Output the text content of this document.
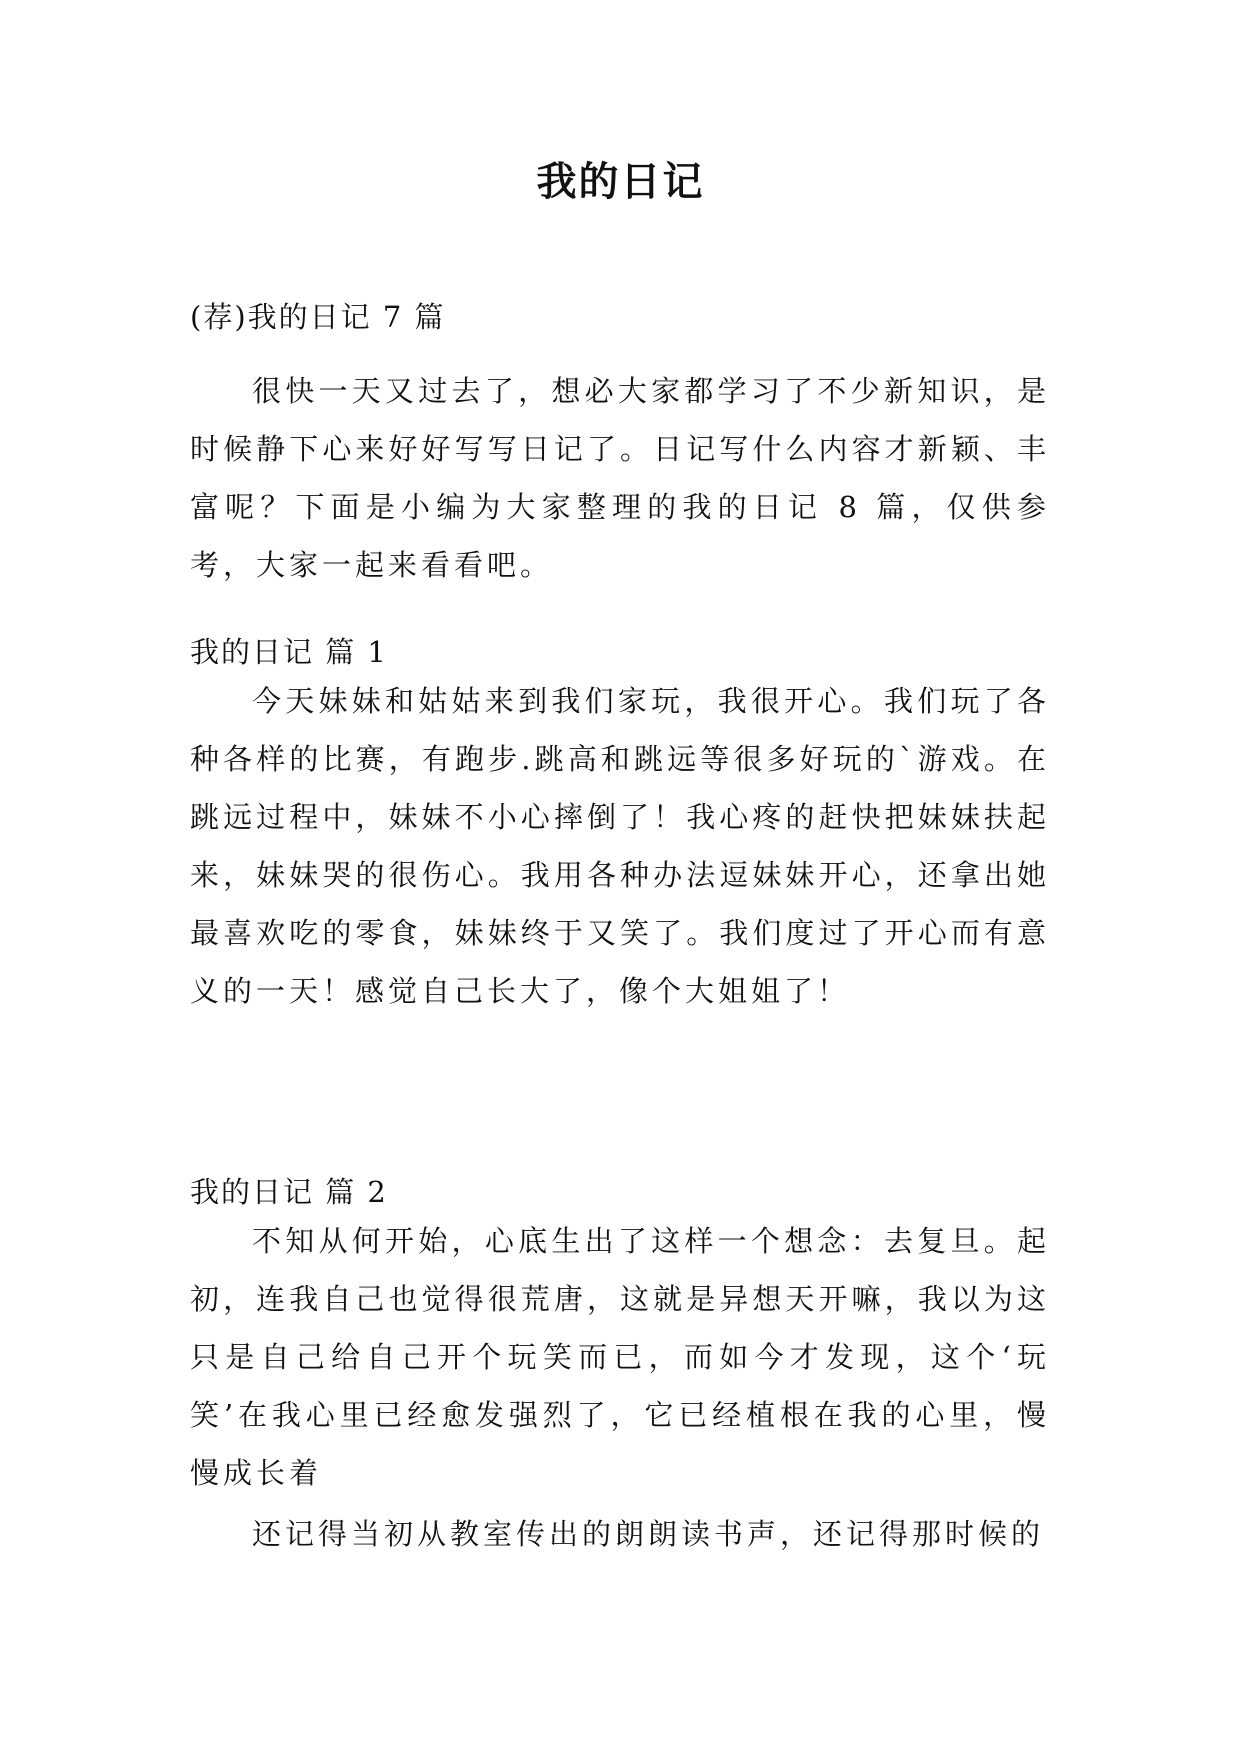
我的日记

(荐)我的日记 7 篇

很快一天又过去了，想必大家都学习了不少新知识，是时候静下心来好好写写日记了。日记写什么内容才新颖、丰富呢？下面是小编为大家整理的我的日记 8 篇，仅供参考，大家一起来看看吧。

我的日记 篇 1

今天妹妹和姑姑来到我们家玩，我很开心。我们玩了各种各样的比赛，有跑步.跳高和跳远等很多好玩的`游戏。在跳远过程中，妹妹不小心摔倒了！我心疼的赶快把妹妹扶起来，妹妹哭的很伤心。我用各种办法逗妹妹开心，还拿出她最喜欢吃的零食，妹妹终于又笑了。我们度过了开心而有意义的一天！感觉自己长大了，像个大姐姐了！

我的日记 篇 2

不知从何开始，心底生出了这样一个想念：去复旦。起初，连我自己也觉得很荒唐，这就是异想天开嘛，我以为这只是自己给自己开个玩笑而已，而如今才发现，这个‘玩笑’在我心里已经愈发强烈了，它已经植根在我的心里，慢慢成长着

还记得当初从教室传出的朗朗读书声，还记得那时候的
